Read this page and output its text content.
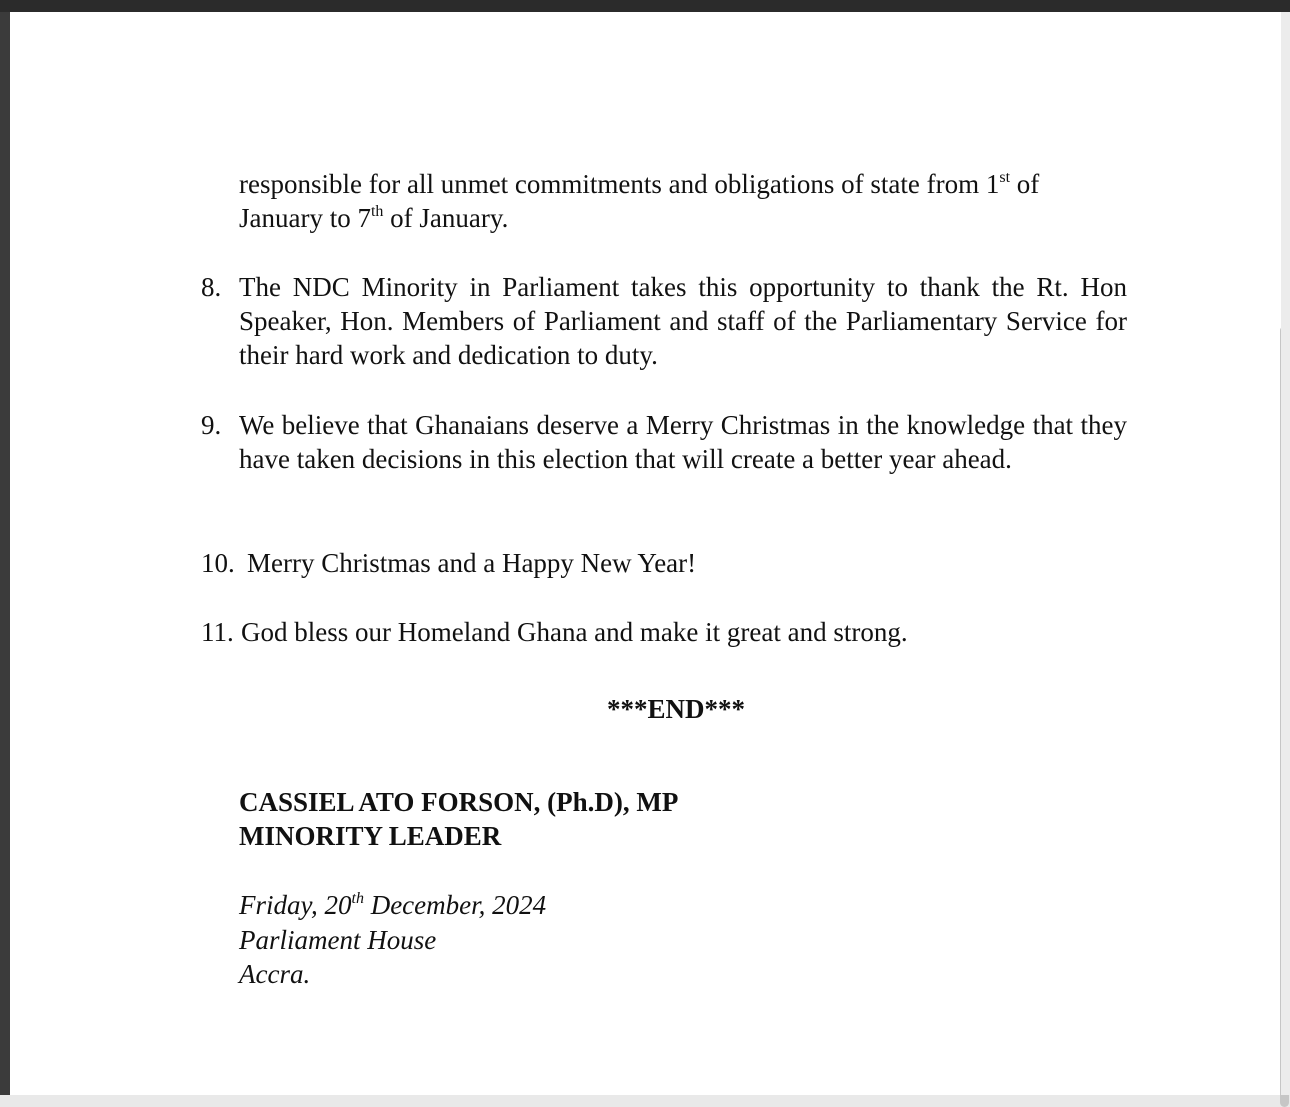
responsible for all unmet commitments and obligations of state from 1st of
January to 7th of January.
8. The NDC Minority in Parliament takes this opportunity to thank the Rt. Hon Speaker, Hon. Members of Parliament and staff of the Parliamentary Service for their hard work and dedication to duty.
9. We believe that Ghanaians deserve a Merry Christmas in the knowledge that they have taken decisions in this election that will create a better year ahead.
10. Merry Christmas and a Happy New Year!
11. God bless our Homeland Ghana and make it great and strong.
***END***
CASSIEL ATO FORSON, (Ph.D), MP
MINORITY LEADER
Friday, 20th December, 2024
Parliament House
Accra.
